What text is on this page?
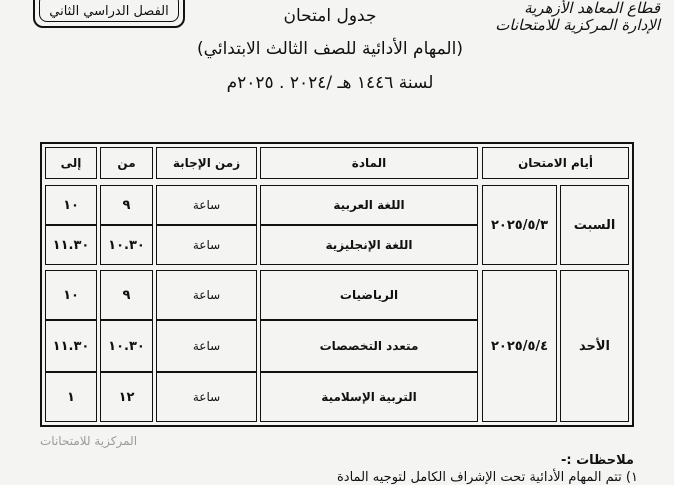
الفصل الدراسي الثاني	قطاع المعاهد الأزهرية
الإدارة المركزية للامتحانات
جدول امتحان
(المهام الأدائية للصف الثالث الابتدائي)
لسنة ١٤٤٦ هـ /٢٠٢٤ . ٢٠٢٥م
أيام الامتحان
المادة
زمن الإجابة
من
إلى
السبت
٢٠٢٥/٥/٣
اللغة العربية
ساعة
٩
١٠
اللغة الإنجليزية
ساعة
١٠.٣٠
١١.٣٠
الأحد
٢٠٢٥/٥/٤
الرياضيات
ساعة
٩
١٠
متعدد التخصصات
ساعة
١٠.٣٠
١١.٣٠
التربية الإسلامية
ساعة
١٢
١
المركزية للامتحانات
ملاحظات :-
١) تتم المهام الأدائية تحت الإشراف الكامل لتوجيه المادة
